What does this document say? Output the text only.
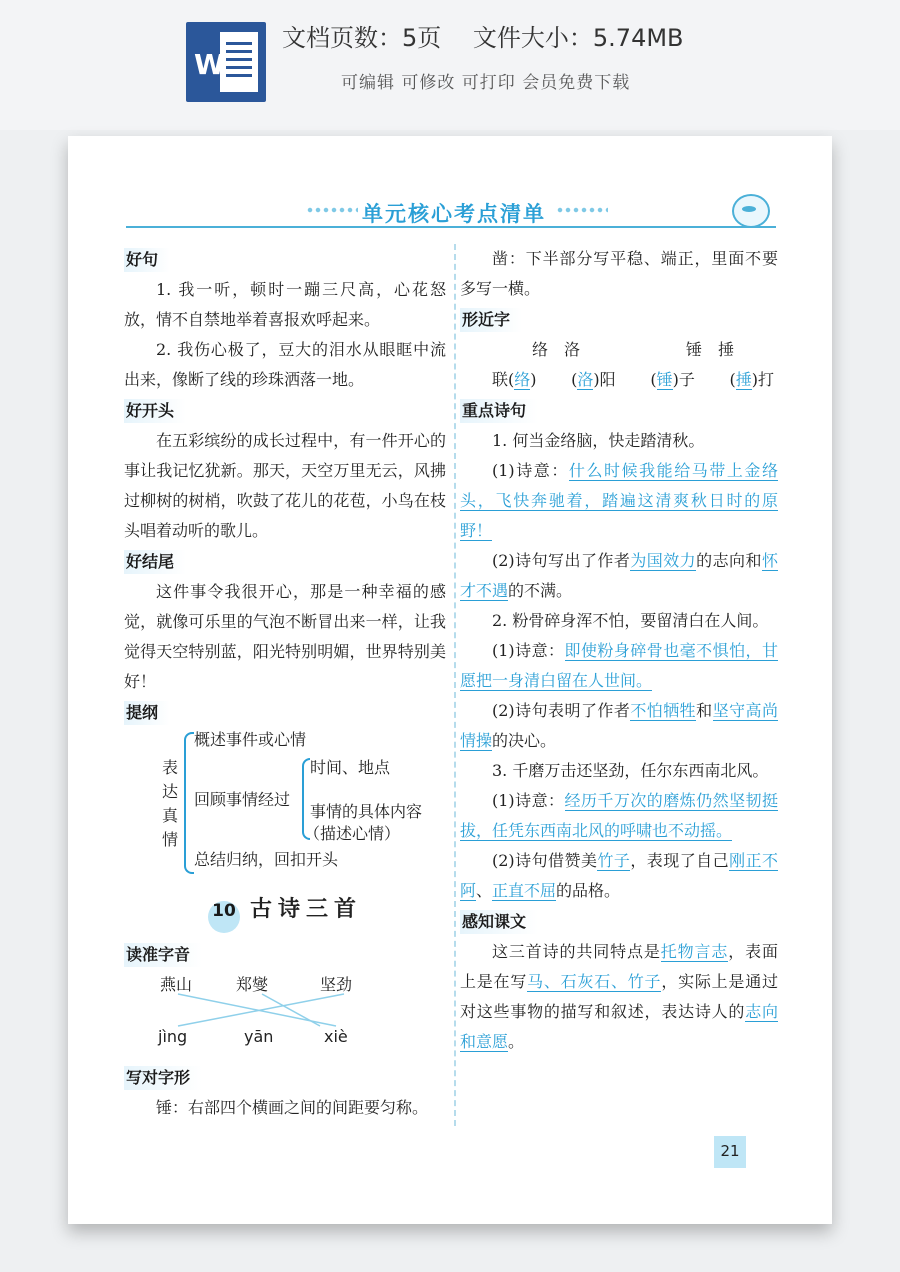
W
文档页数：5页　 文件大小：5.74MB
可编辑 可修改 可打印 会员免费下载
单元核心考点清单
好句

1. 我一听，顿时一蹦三尺高，心花怒放，情不自禁地举着喜报欢呼起来。

2. 我伤心极了，豆大的泪水从眼眶中流出来，像断了线的珍珠洒落一地。

好开头

在五彩缤纷的成长过程中，有一件开心的事让我记忆犹新。那天，天空万里无云，风拂过柳树的树梢，吹鼓了花儿的花苞，小鸟在枝头唱着动听的歌儿。

好结尾

这件事令我很开心，那是一种幸福的感觉，就像可乐里的气泡不断冒出来一样，让我觉得天空特别蓝，阳光特别明媚，世界特别美好！

提纲
表达真情
概述事件或心情
回顾事情经过
时间、地点
事情的具体内容
（描述心情）
总结归纳，回扣开头
10 古诗三首
读准字音
燕山	郑燮	坚劲
jìng	yān	xiè
写对字形

锤：右部四个横画之间的间距要匀称。

凿：下半部分写平稳、端正，里面不要多写一横。

形近字
络 洛	锤 捶
联(络) (洛)阳 (锤)子 (捶)打
重点诗句

1. 何当金络脑，快走踏清秋。

(1)诗意：什么时候我能给马带上金络头，飞快奔驰着，踏遍这清爽秋日时的原野！

(2)诗句写出了作者为国效力的志向和怀才不遇的不满。

2. 粉骨碎身浑不怕，要留清白在人间。

(1)诗意：即使粉身碎骨也毫不惧怕，甘愿把一身清白留在人世间。

(2)诗句表明了作者不怕牺牲和坚守高尚情操的决心。

3. 千磨万击还坚劲，任尔东西南北风。

(1)诗意：经历千万次的磨炼仍然坚韧挺拔，任凭东西南北风的呼啸也不动摇。

(2)诗句借赞美竹子，表现了自己刚正不阿、正直不屈的品格。

感知课文

这三首诗的共同特点是托物言志，表面上是在写马、石灰石、竹子，实际上是通过对这些事物的描写和叙述，表达诗人的志向和意愿。

21
